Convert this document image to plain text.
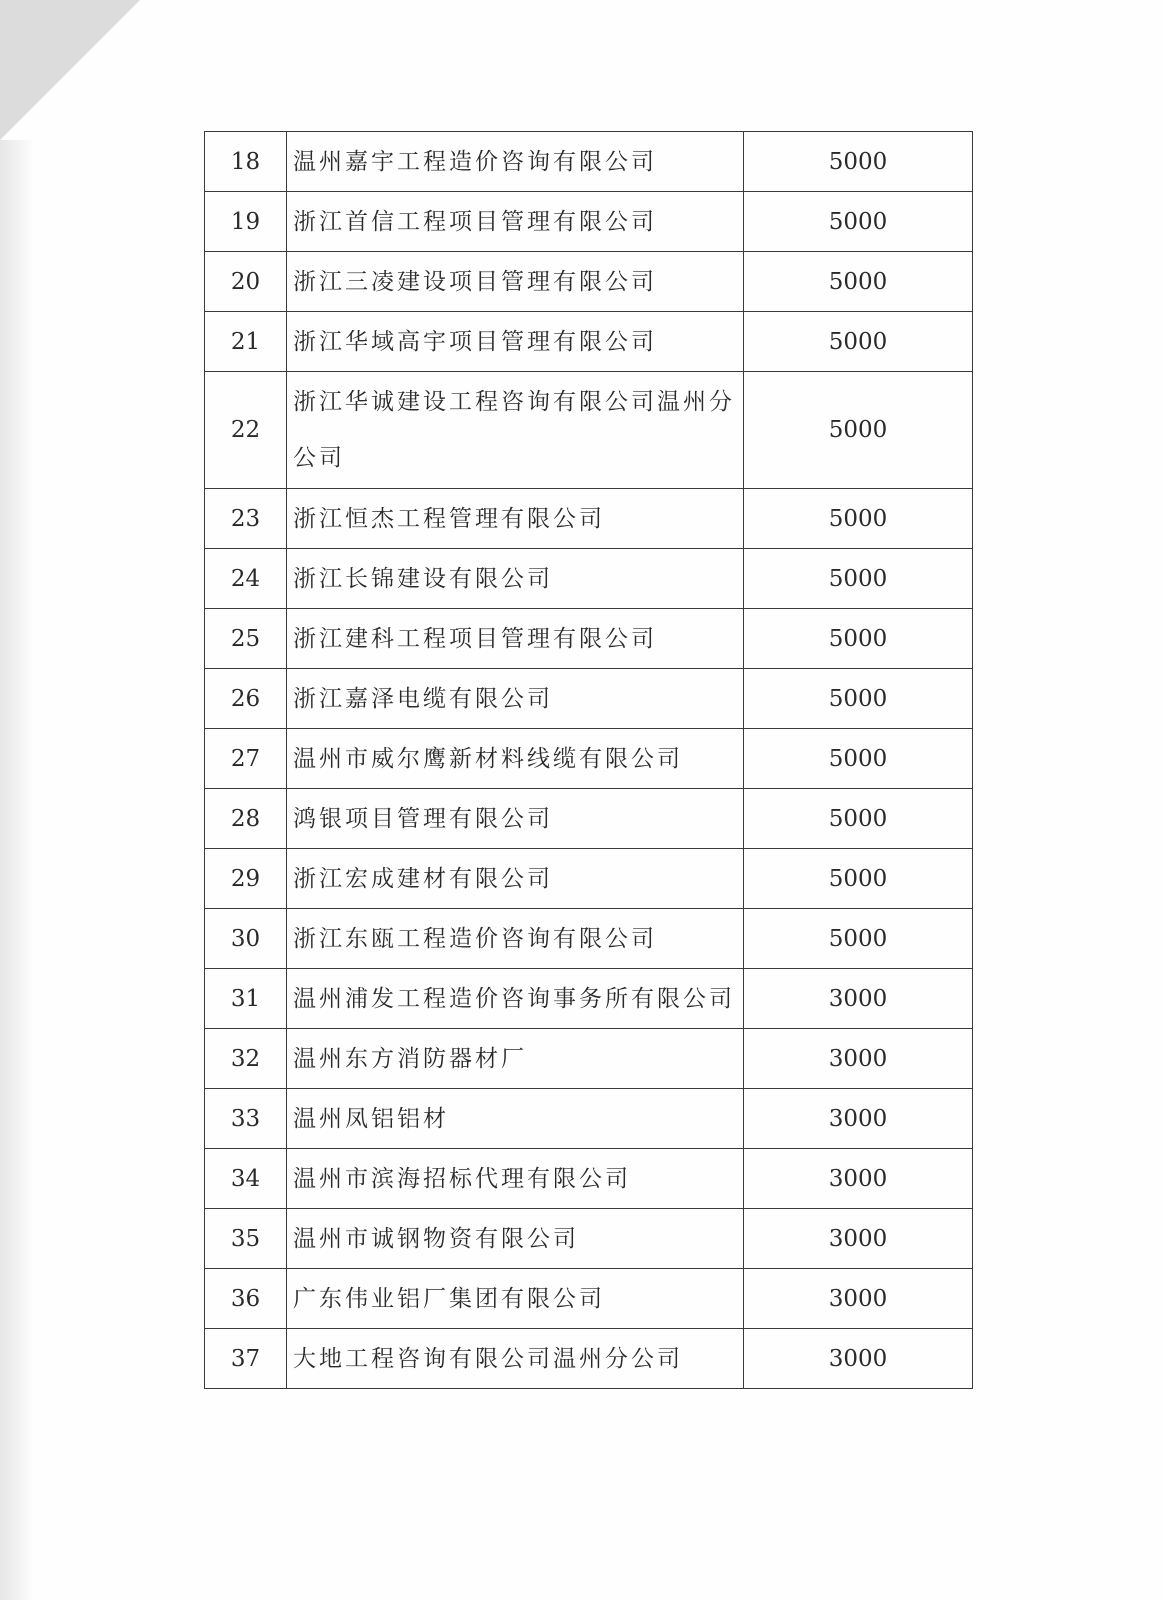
18	温州嘉宇工程造价咨询有限公司	5000
19	浙江首信工程项目管理有限公司	5000
20	浙江三凌建设项目管理有限公司	5000
21	浙江华域高宇项目管理有限公司	5000
22	浙江华诚建设工程咨询有限公司温州分公司	5000
23	浙江恒杰工程管理有限公司	5000
24	浙江长锦建设有限公司	5000
25	浙江建科工程项目管理有限公司	5000
26	浙江嘉泽电缆有限公司	5000
27	温州市威尔鹰新材料线缆有限公司	5000
28	鸿银项目管理有限公司	5000
29	浙江宏成建材有限公司	5000
30	浙江东瓯工程造价咨询有限公司	5000
31	温州浦发工程造价咨询事务所有限公司	3000
32	温州东方消防器材厂	3000
33	温州凤铝铝材	3000
34	温州市滨海招标代理有限公司	3000
35	温州市诚钢物资有限公司	3000
36	广东伟业铝厂集团有限公司	3000
37	大地工程咨询有限公司温州分公司	3000
